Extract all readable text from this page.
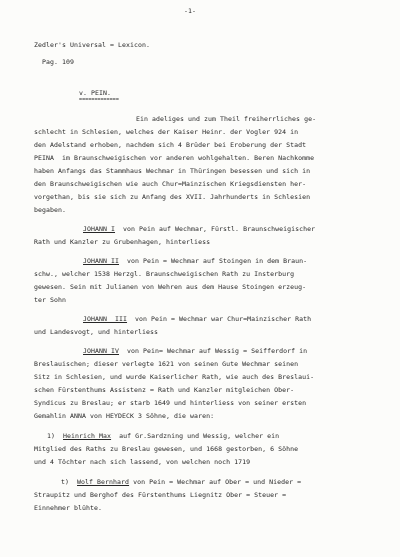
-1-
Zedler's Universal = Lexicon.
Pag. 109
v. PEIN.
=============
Ein adeliges und zum Theil freiherrliches ge-
schlecht in Schlesien, welches der Kaiser Heinr. der Vogler 924 in
den Adelstand erhoben, nachdem sich 4 Brüder bei Eroberung der Stadt
PEINA  im Braunschweigischen vor anderen wohlgehalten. Beren Nachkomme
haben Anfangs das Stammhaus Wechmar in Thüringen besessen und sich in
den Braunschweigischen wie auch Chur=Mainzischen Kriegsdiensten her-
vorgethan, bis sie sich zu Anfang des XVII. Jahrhunderts in Schlesien
begaben.
JOHANN I  von Pein auf Wechmar, Fürstl. Braunschweigischer
Rath und Kanzler zu Grubenhagen, hinterliess
JOHANN II  von Pein = Wechmar auf Stoingen in dem Braun-
schw., welcher 1538 Herzgl. Braunschweigischen Rath zu Insterburg
gewesen. Sein mit Julianen von Wehren aus dem Hause Stoingen erzeug-
ter Sohn
JOHANN  III  von Pein = Wechmar war Chur=Mainzischer Rath
und Landesvogt, und hinterliess
JOHANN IV  von Pein= Wechmar auf Wessig = Seifferdorf in
Breslauischen; dieser verlegte 1621 von seinen Gute Wechmar seinen
Sitz in Schlesien, und wurde Kaiserlicher Rath, wie auch des Breslaui-
schen Fürstenthums Assistenz = Rath und Kanzler mitgleichen Ober-
Syndicus zu Breslau; er starb 1649 und hinterliess von seiner ersten
Gemahlin ANNA von HEYDECK 3 Söhne, die waren:
1) Heinrich Max  auf Gr.Sardzning und Wessig, welcher ein
Mitglied des Raths zu Breslau gewesen, und 1668 gestorben, 6 Söhne
und 4 Töchter nach sich lassend, von welchen noch 1719
t) Wolf Bernhard von Pein = Wechmar auf Ober = und Nieder =
Straupitz und Berghof des Fürstenthums Liegnitz Ober = Steuer =
Einnehmer blühte.
